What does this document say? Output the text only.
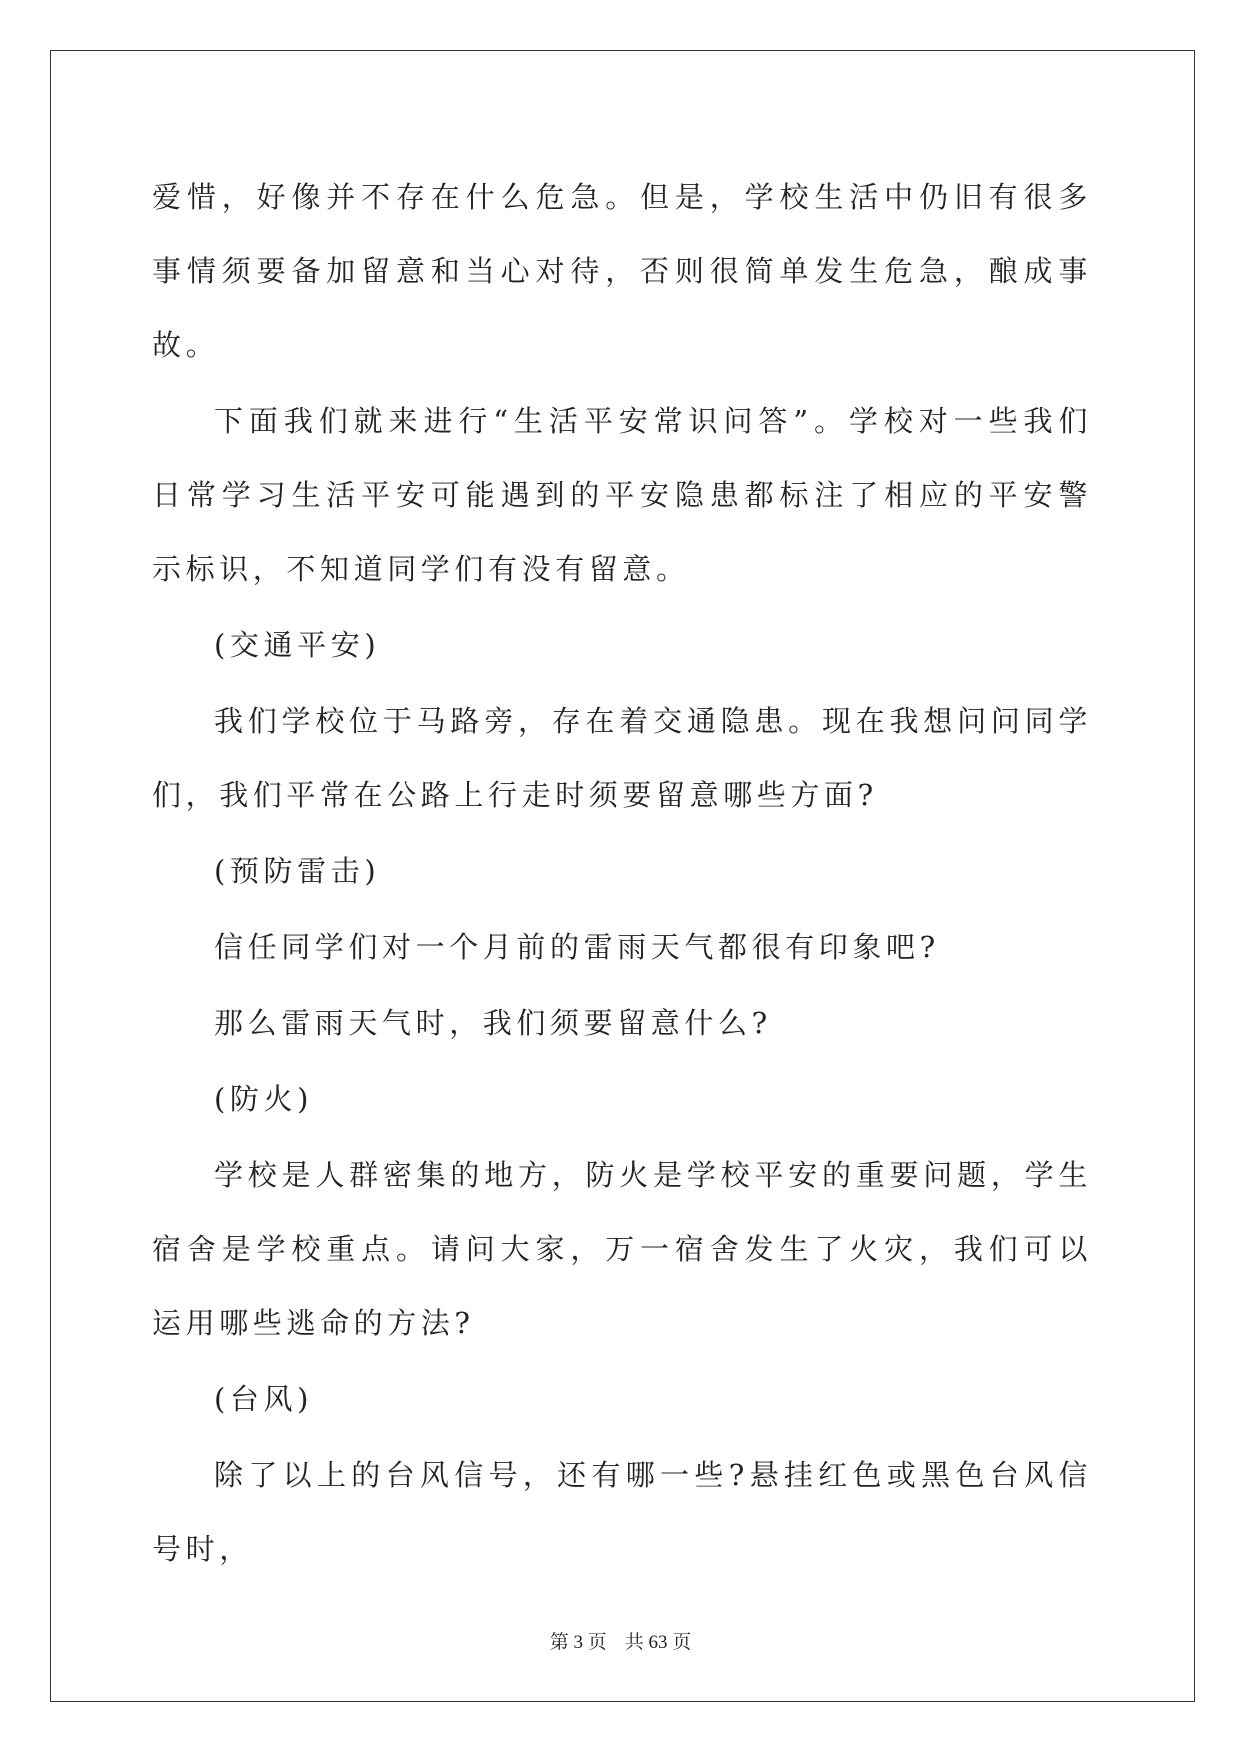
爱惜，好像并不存在什么危急。但是，学校生活中仍旧有很多事情须要备加留意和当心对待，否则很简单发生危急，酿成事故。

下面我们就来进行“生活平安常识问答”。学校对一些我们日常学习生活平安可能遇到的平安隐患都标注了相应的平安警示标识，不知道同学们有没有留意。

(交通平安)

我们学校位于马路旁，存在着交通隐患。现在我想问问同学们，我们平常在公路上行走时须要留意哪些方面?

(预防雷击)

信任同学们对一个月前的雷雨天气都很有印象吧?

那么雷雨天气时，我们须要留意什么?

(防火)

学校是人群密集的地方，防火是学校平安的重要问题，学生宿舍是学校重点。请问大家，万一宿舍发生了火灾，我们可以运用哪些逃命的方法?

(台风)

除了以上的台风信号，还有哪一些?悬挂红色或黑色台风信号时，

第 3 页 共 63 页
